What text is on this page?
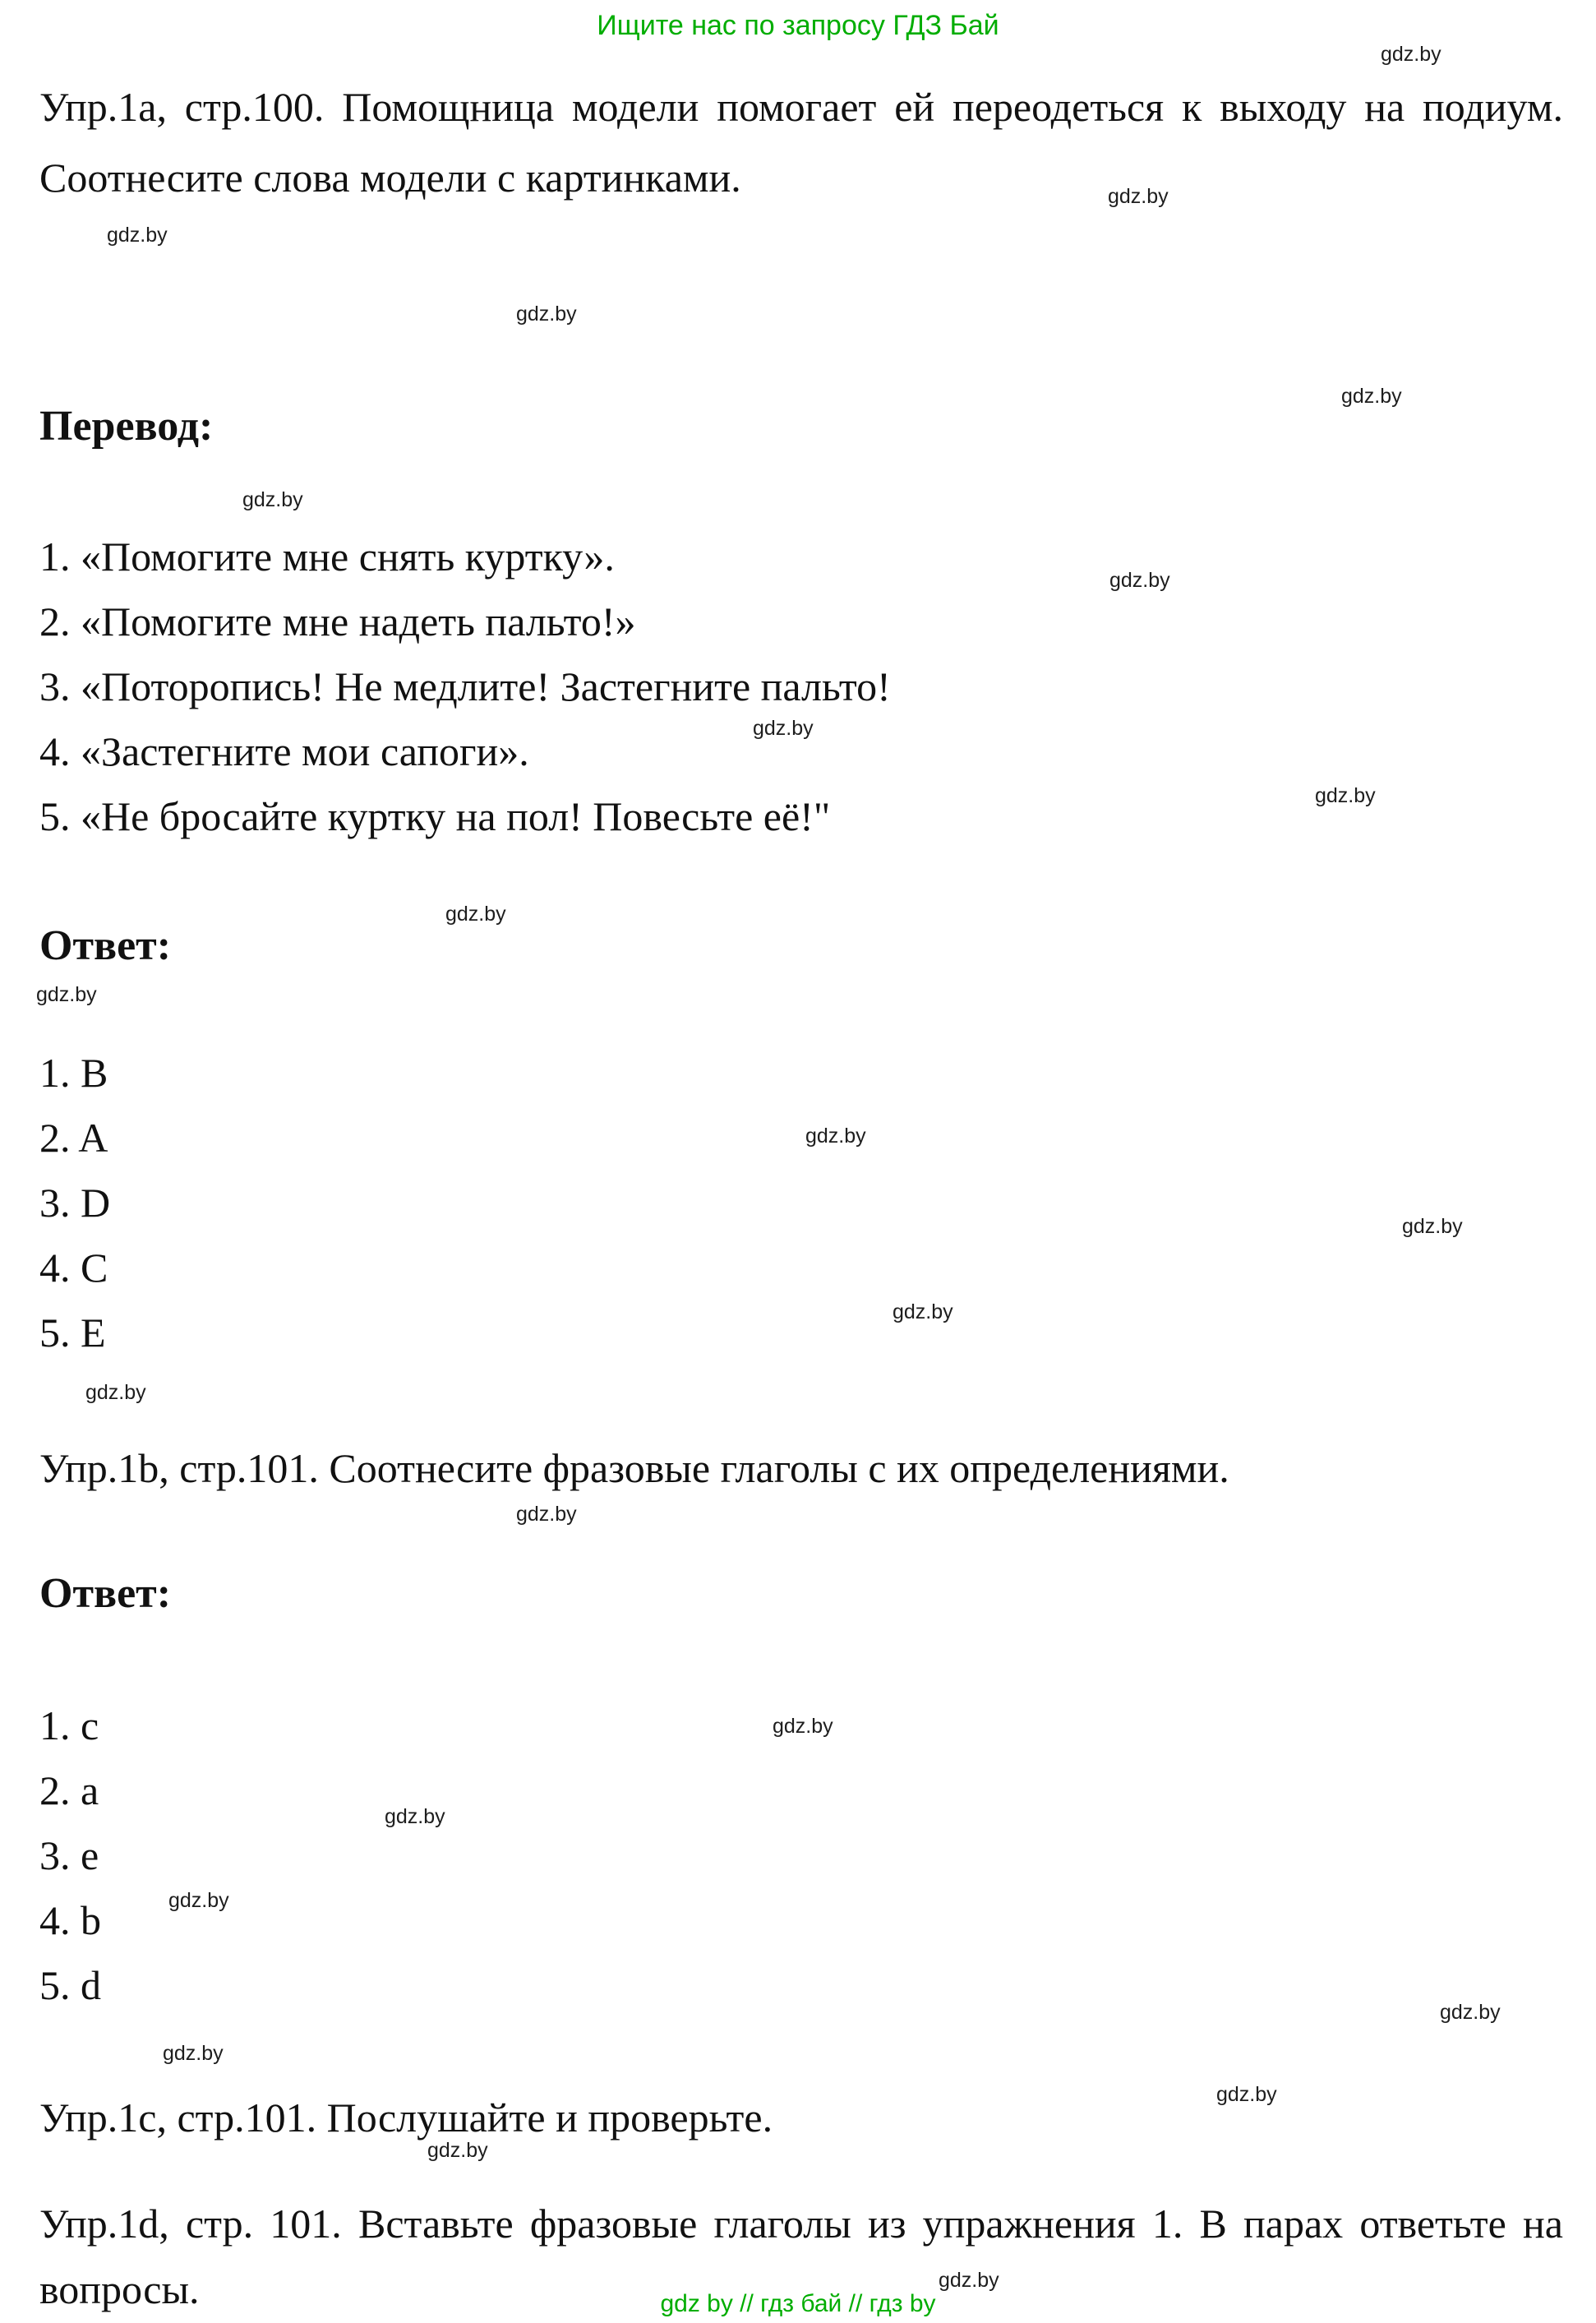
Ищите нас по запросу ГДЗ Бай

Упр.1а, стр.100. Помощница модели помогает ей переодеться к выходу на подиум. Соотнесите слова модели с картинками.

Перевод:
1. «Помогите мне снять куртку».
2. «Помогите мне надеть пальто!»
3. «Поторопись! Не медлите! Застегните пальто!
4. «Застегните мои сапоги».
5. «Не бросайте куртку на пол! Повесьте её!"
Ответ:
1. B
2. A
3. D
4. C
5. E

Упр.1b, стр.101. Соотнесите фразовые глаголы с их определениями.

Ответ:
1. c
2. a
3. e
4. b
5. d

Упр.1с, стр.101. Послушайте и проверьте.

Упр.1d, стр. 101. Вставьте фразовые глаголы из упражнения 1. В парах ответьте на вопросы.	gdz by // гдз бай // гдз by
gdz.by
gdz.by
gdz.by
gdz.by
gdz.by
gdz.by
gdz.by
gdz.by
gdz.by
gdz.by
gdz.by
gdz.by
gdz.by
gdz.by
gdz.by
gdz.by
gdz.by
gdz.by
gdz.by
gdz.by
gdz.by
gdz.by
gdz.by
gdz.by
